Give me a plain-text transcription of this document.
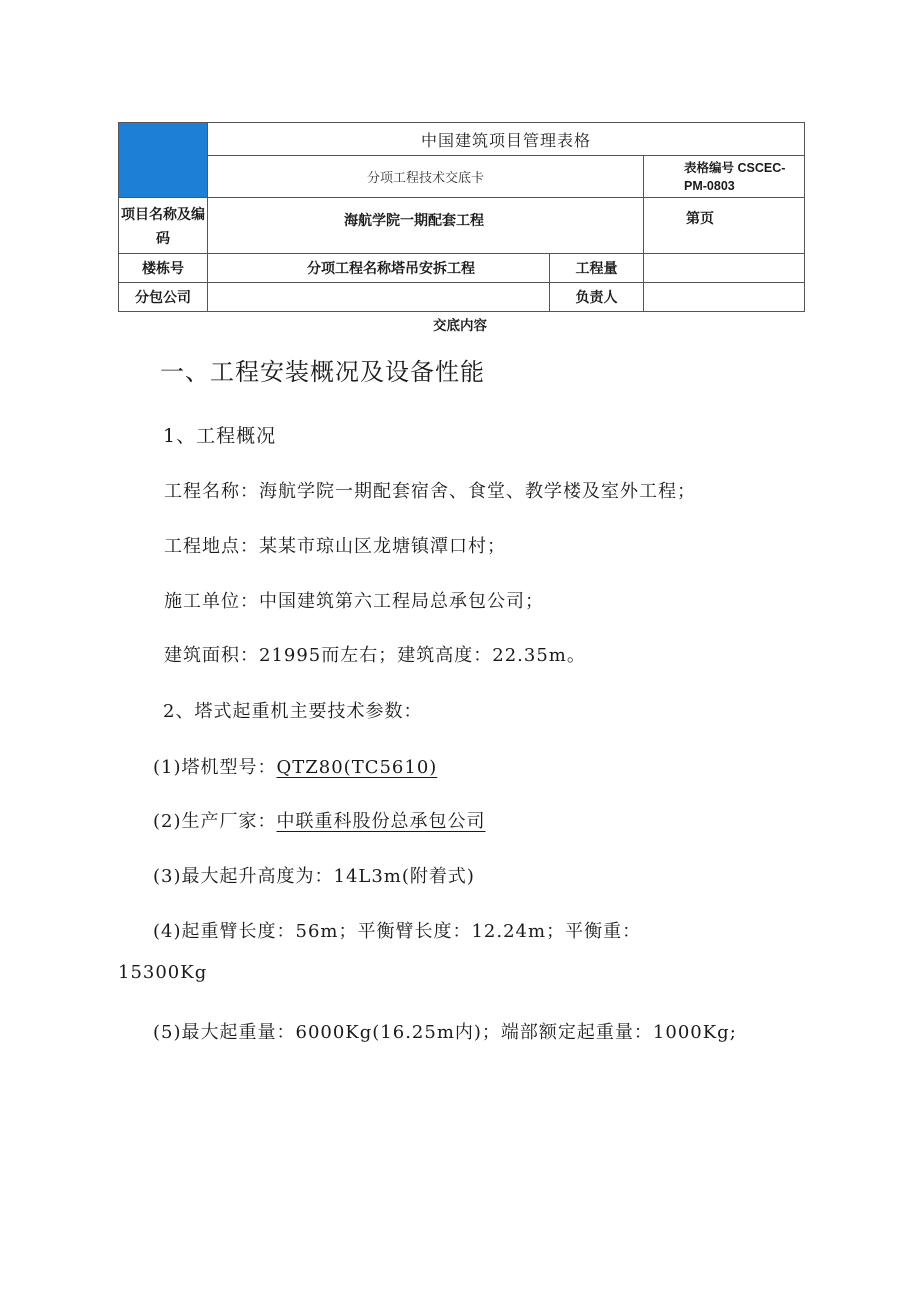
	中国建筑项目管理表格		
	分项工程技术交底卡		表格编号 CSCEC-
PM-0803
项目名称及编码	海航学院一期配套工程		第页
楼栋号	分项工程名称塔吊安拆工程	工程量	
分包公司		负责人	
交底内容
一、工程安装概况及设备性能
1、工程概况
工程名称：海航学院一期配套宿舍、食堂、教学楼及室外工程；
工程地点：某某市琼山区龙塘镇潭口村；
施工单位：中国建筑第六工程局总承包公司；
建筑面积：21995而左右；建筑高度：22.35m。
2、塔式起重机主要技术参数：
(1)塔机型号：QTZ80(TC5610)
(2)生产厂家：中联重科股份总承包公司
(3)最大起升高度为：14L3m(附着式)
(4)起重臂长度：56m；平衡臂长度：12.24m；平衡重：
15300Kg
(5)最大起重量：6000Kg(16.25m内)；端部额定起重量：1000Kg;
